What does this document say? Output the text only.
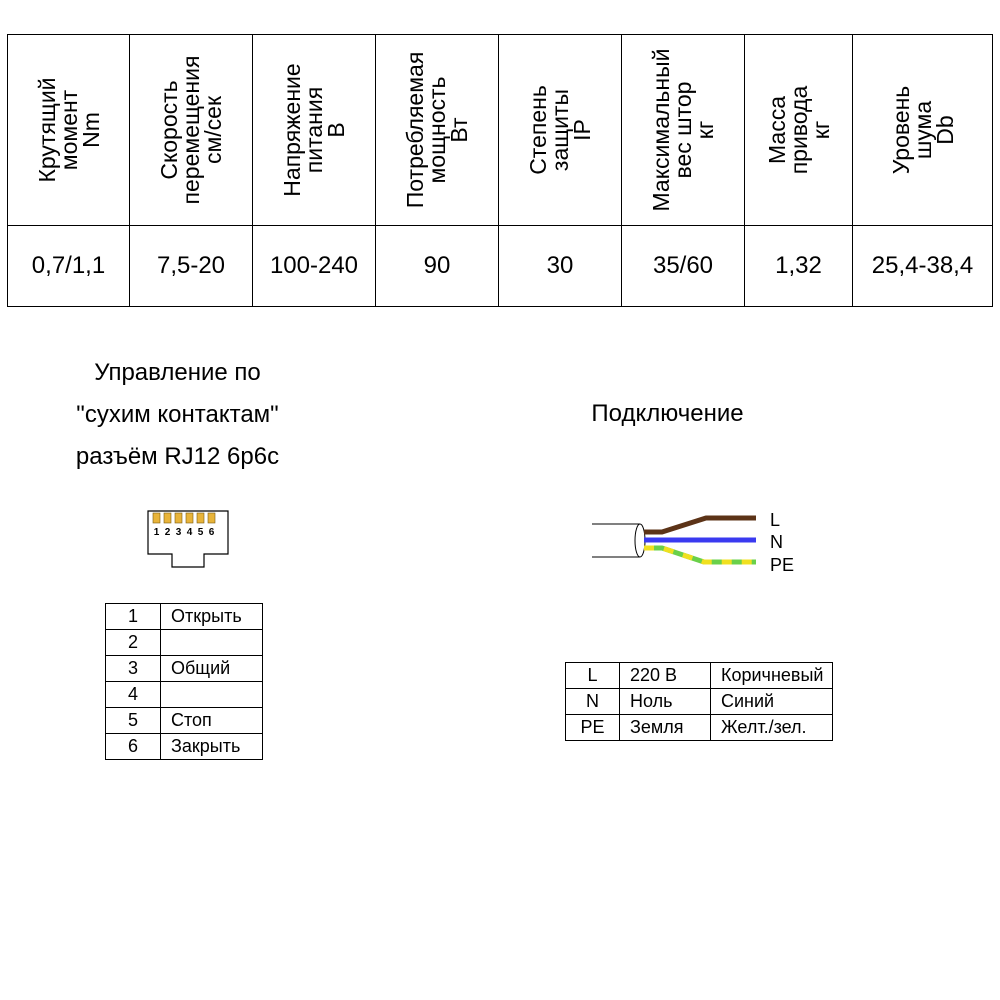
Крутящий
момент
Nm	Скорость
перемещения
см/сек	Напряжение
питания
В	Потребляемая
мощность
Вт	Степень
защиты
IP	Максимальный
вес штор
кг	Масса
привода
кг	Уровень
шума
Db

0,7/1,1	7,5-20	100-240	90	30	35/60	1,32	25,4-38,4
Управление по
"сухим контактам"
разъём RJ12 6р6с
1 2 3 4 5 6
1	Открыть
2	
3	Общий
4	
5	Стоп
6	Закрыть
Подключение
L
N
PE
L	220 В	Коричневый
N	Ноль	Синий
PE	Земля	Желт./зел.
